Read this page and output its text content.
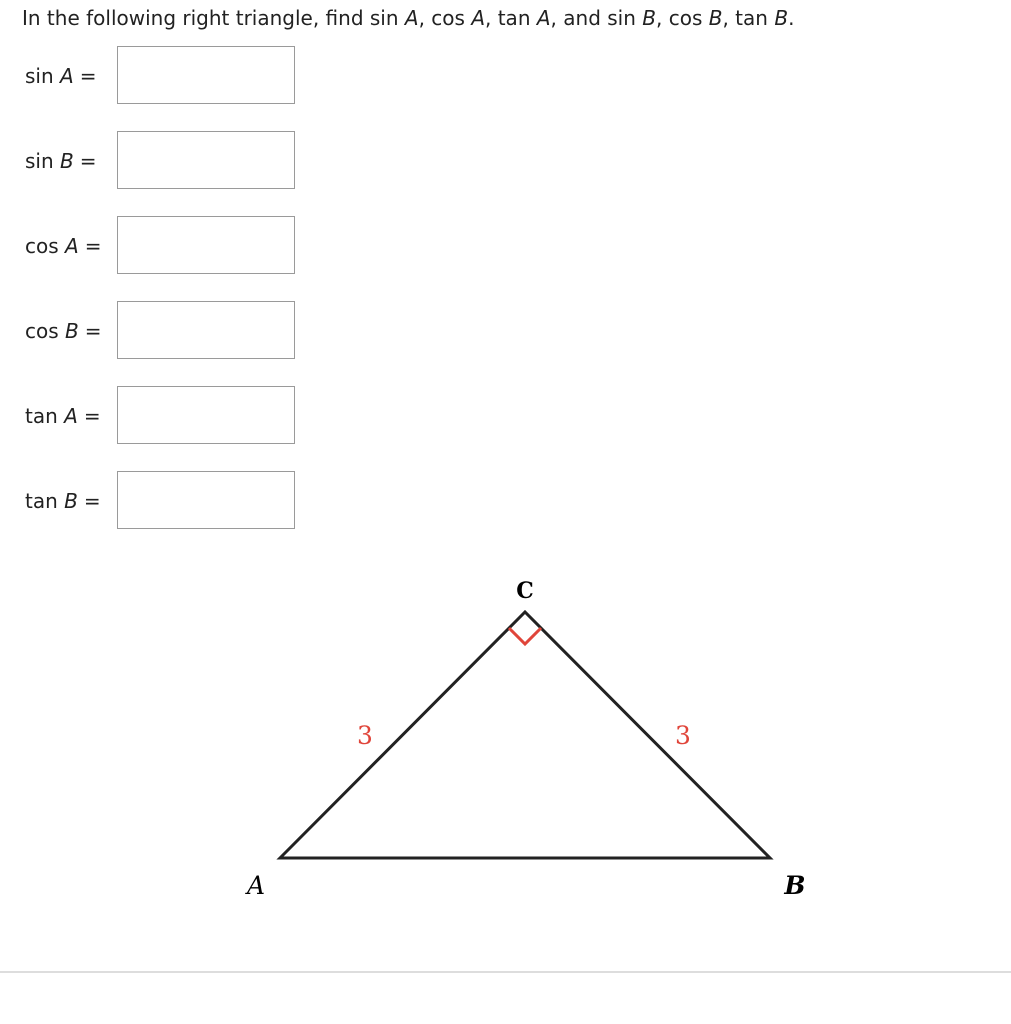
In the following right triangle, find sin A, cos A, tan A, and sin B, cos B, tan B.
sin A =
sin B =
cos A =
cos B =
tan A =
tan B =
C
A	B
3	3
